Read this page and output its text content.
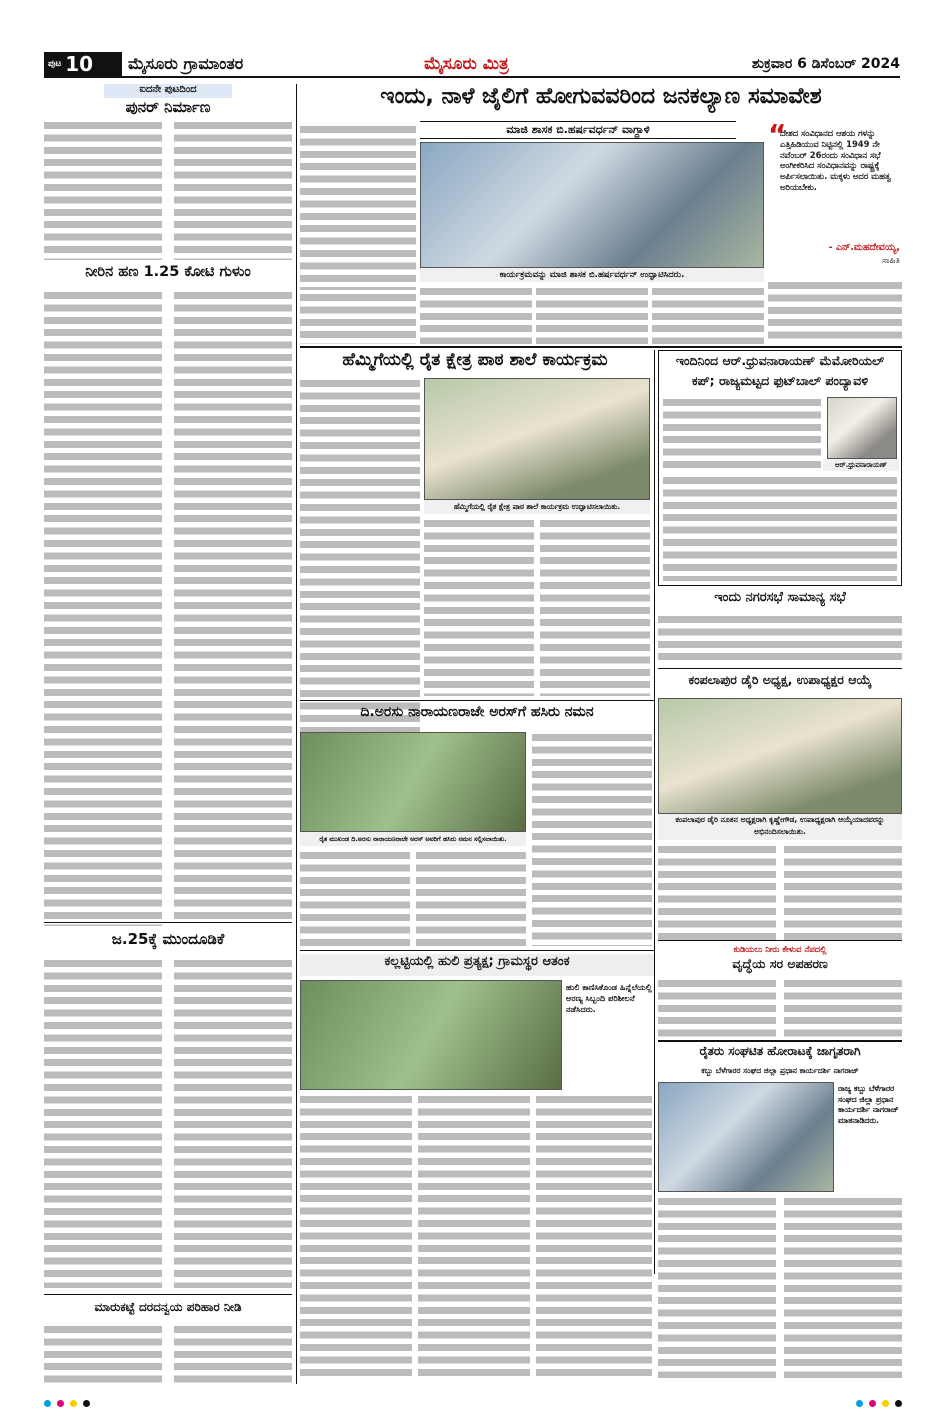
ಪುಟ 10 ಮೈಸೂರು ಗ್ರಾಮಾಂತರ	ಮೈಸೂರು ಮಿತ್ರ	ಶುಕ್ರವಾರ 6 ಡಿಸೆಂಬರ್ 2024
ಐದನೇ ಪುಟದಿಂದ
ಪುನರ್ ನಿರ್ಮಾಣ
ನೀರಿನ ಹಣ 1.25 ಕೋಟಿ ಗುಳುಂ
ಜ.25ಕ್ಕೆ ಮುಂದೂಡಿಕೆ
ಮಾರುಕಟ್ಟೆ ದರದನ್ವಯ ಪರಿಹಾರ ನೀಡಿ
ಇಂದು, ನಾಳೆ ಜೈಲಿಗೆ ಹೋಗುವವರಿಂದ ಜನಕಲ್ಯಾಣ ಸಮಾವೇಶ
ಮಾಜಿ ಶಾಸಕ ಬಿ.ಹರ್ಷವರ್ಧನ್ ವಾಗ್ದಾಳಿ
ಕಾರ್ಯಕ್ರಮವನ್ನು ಮಾಜಿ ಶಾಸಕ ಬಿ.ಹರ್ಷವರ್ಧನ್ ಉದ್ಘಾಟಿಸಿದರು.
“
ದೇಶದ ಸಂವಿಧಾನದ ಆಶಯ ಗಳನ್ನು ಎತ್ತಿಹಿಡಿಯುವ ನಿಟ್ಟಿನಲ್ಲಿ 1949 ನೇ ನವೆಂಬರ್ 26ರಂದು ಸಂವಿಧಾನ ಸಭೆ ಅಂಗೀಕರಿಸಿದ ಸಂವಿಧಾನವನ್ನು ರಾಷ್ಟ್ರಕ್ಕೆ ಅರ್ಪಿಸಲಾಯಿತು. ಮಕ್ಕಳು ಅದರ ಮಹತ್ವ ಅರಿಯಬೇಕು.
- ಎನ್.ಮಹದೇವಯ್ಯ,
ಸಾಹಿತಿ
ಹೆಮ್ಮಿಗೆಯಲ್ಲಿ ರೈತ ಕ್ಷೇತ್ರ ಪಾಠ ಶಾಲೆ ಕಾರ್ಯಕ್ರಮ
ಹೆಮ್ಮಿಗೆಯಲ್ಲಿ ರೈತ ಕ್ಷೇತ್ರ ಪಾಠ ಶಾಲೆ ಕಾರ್ಯಕ್ರಮ ಉದ್ಘಾಟಿಸಲಾಯಿತು.
ಇಂದಿನಿಂದ ಆರ್.ಧ್ರುವನಾರಾಯಣ್ ಮೆಮೋರಿಯಲ್
ಕಪ್; ರಾಜ್ಯಮಟ್ಟದ ಫುಟ್‌ಬಾಲ್ ಪಂದ್ಯಾವಳಿ
ಆರ್.ಧ್ರುವನಾರಾಯಣ್
ಇಂದು ನಗರಸಭೆ ಸಾಮಾನ್ಯ ಸಭೆ
ಕಂಪಲಾಪುರ ಡೈರಿ ಅಧ್ಯಕ್ಷ, ಉಪಾಧ್ಯಕ್ಷರ ಆಯ್ಕೆ
ಕಂಪಲಾಪುರ ಡೈರಿ ನೂತನ ಅಧ್ಯಕ್ಷರಾಗಿ ಕೃಷ್ಣೇಗೌಡ, ಉಪಾಧ್ಯಕ್ಷರಾಗಿ ಆಯ್ಕೆಯಾದವರನ್ನು ಅಭಿನಂದಿಸಲಾಯಿತು.
ದಿ.ಅರಸು ನಾರಾಯಣರಾಜೇ ಅರಸ್‌ಗೆ ಹಸಿರು ನಮನ
ರೈತ ಮುಖಂಡ ದಿ.ಅರಸು ನಾರಾಯಣರಾಜೇ ಅರಸ್ ಅವರಿಗೆ ಹಸಿರು ನಮನ ಸಲ್ಲಿಸಲಾಯಿತು.
ಕಲ್ಲಟ್ಟಿಯಲ್ಲಿ ಹುಲಿ ಪ್ರತ್ಯಕ್ಷ; ಗ್ರಾಮಸ್ಥರ ಆತಂಕ
ಹುಲಿ ಕಾಣಿಸಿಕೊಂಡ ಹಿನ್ನೆಲೆಯಲ್ಲಿ ಅರಣ್ಯ ಸಿಬ್ಬಂದಿ ಪರಿಶೀಲನೆ ನಡೆಸಿದರು.
ಕುಡಿಯಲು ನೀರು ಕೇಳುವ ನೆಪದಲ್ಲಿ
ವೃದ್ಧೆಯ ಸರ ಅಪಹರಣ
ರೈತರು ಸಂಘಟಿತ ಹೋರಾಟಕ್ಕೆ ಜಾಗೃತರಾಗಿ
ಕಬ್ಬು ಬೆಳೆಗಾರರ ಸಂಘದ ಜಿಲ್ಲಾ ಪ್ರಧಾನ ಕಾರ್ಯದರ್ಶಿ ನಾಗರಾಜ್
ರಾಜ್ಯ ಕಬ್ಬು ಬೆಳೆಗಾರರ ಸಂಘದ ಜಿಲ್ಲಾ ಪ್ರಧಾನ ಕಾರ್ಯದರ್ಶಿ ನಾಗರಾಜ್ ಮಾತನಾಡಿದರು.
